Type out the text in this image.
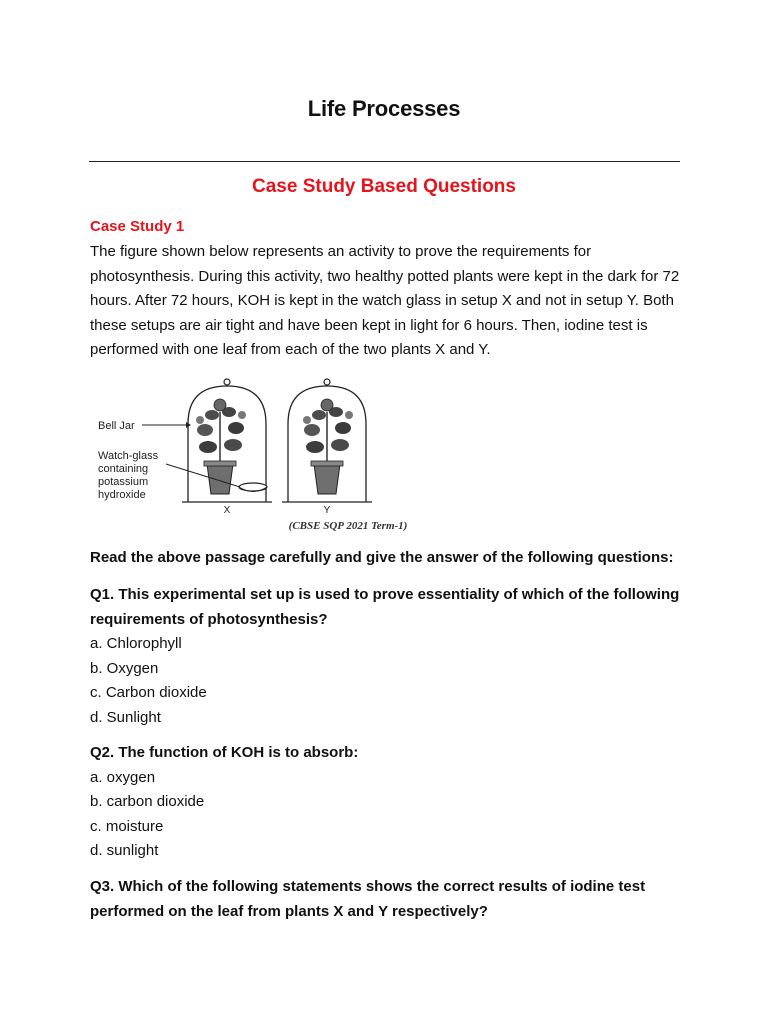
Life Processes
Case Study Based Questions
Case Study 1
The figure shown below represents an activity to prove the requirements for photosynthesis. During this activity, two healthy potted plants were kept in the dark for 72 hours. After 72 hours, KOH is kept in the watch glass in setup X and not in setup Y. Both these setups are air tight and have been kept in light for 6 hours. Then, iodine test is performed with one leaf from each of the two plants X and Y.
Bell Jar
Watch-glass
containing
potassium
hydroxide
X	Y
(CBSE SQP 2021 Term-1)
Read the above passage carefully and give the answer of the following questions:
Q1. This experimental set up is used to prove essentiality of which of the following requirements of photosynthesis?
a. Chlorophyll
b. Oxygen
c. Carbon dioxide
d. Sunlight
Q2. The function of KOH is to absorb:
a. oxygen
b. carbon dioxide
c. moisture
d. sunlight
Q3. Which of the following statements shows the correct results of iodine test performed on the leaf from plants X and Y respectively?
